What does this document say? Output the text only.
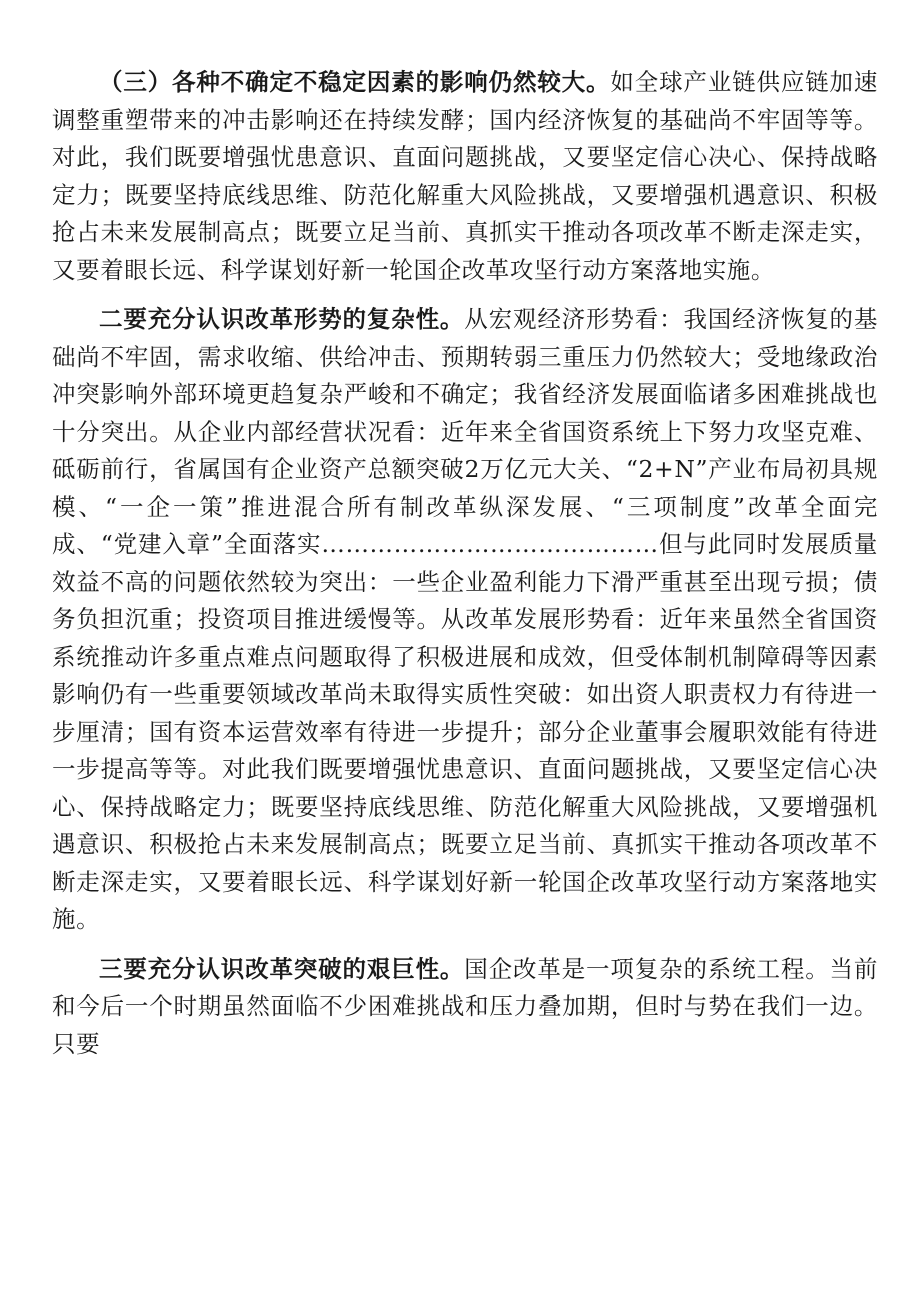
（三）各种不确定不稳定因素的影响仍然较大。如全球产业链供应链加速调整重塑带来的冲击影响还在持续发酵；国内经济恢复的基础尚不牢固等等。对此，我们既要增强忧患意识、直面问题挑战，又要坚定信心决心、保持战略定力；既要坚持底线思维、防范化解重大风险挑战，又要增强机遇意识、积极抢占未来发展制高点；既要立足当前、真抓实干推动各项改革不断走深走实，又要着眼长远、科学谋划好新一轮国企改革攻坚行动方案落地实施。

二要充分认识改革形势的复杂性。从宏观经济形势看：我国经济恢复的基础尚不牢固，需求收缩、供给冲击、预期转弱三重压力仍然较大；受地缘政治冲突影响外部环境更趋复杂严峻和不确定；我省经济发展面临诸多困难挑战也十分突出。从企业内部经营状况看：近年来全省国资系统上下努力攻坚克难、砥砺前行，省属国有企业资产总额突破2万亿元大关、“2+N”产业布局初具规模、“一企一策”推进混合所有制改革纵深发展、“三项制度”改革全面完成、“党建入章”全面落实……………………………………但与此同时发展质量效益不高的问题依然较为突出：一些企业盈利能力下滑严重甚至出现亏损；债务负担沉重；投资项目推进缓慢等。从改革发展形势看：近年来虽然全省国资系统推动许多重点难点问题取得了积极进展和成效，但受体制机制障碍等因素影响仍有一些重要领域改革尚未取得实质性突破：如出资人职责权力有待进一步厘清；国有资本运营效率有待进一步提升；部分企业董事会履职效能有待进一步提高等等。对此我们既要增强忧患意识、直面问题挑战，又要坚定信心决心、保持战略定力；既要坚持底线思维、防范化解重大风险挑战，又要增强机遇意识、积极抢占未来发展制高点；既要立足当前、真抓实干推动各项改革不断走深走实，又要着眼长远、科学谋划好新一轮国企改革攻坚行动方案落地实施。

三要充分认识改革突破的艰巨性。国企改革是一项复杂的系统工程。当前和今后一个时期虽然面临不少困难挑战和压力叠加期，但时与势在我们一边。只要
